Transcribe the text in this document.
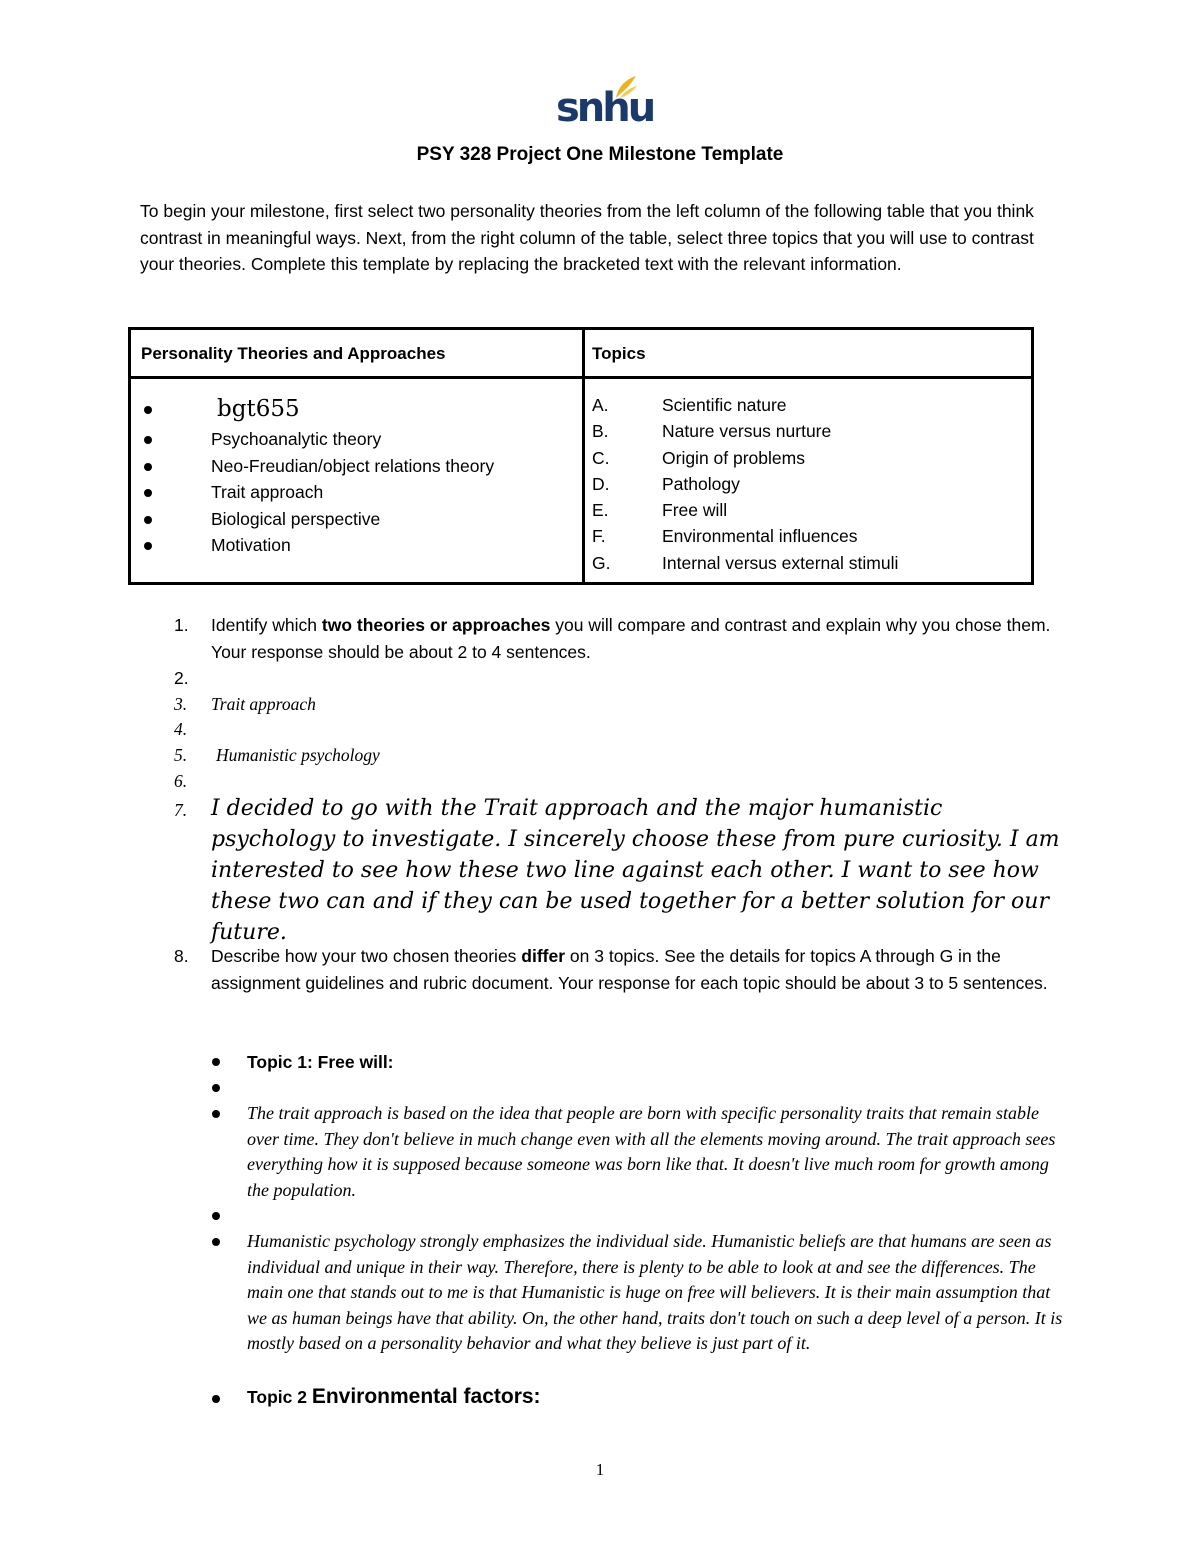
snhu
PSY 328 Project One Milestone Template
To begin your milestone, first select two personality theories from the left column of the following table that you think contrast in meaningful ways. Next, from the right column of the table, select three topics that you will use to contrast your theories. Complete this template by replacing the bracketed text with the relevant information.
Personality Theories and Approaches	Topics
bgt655
Psychoanalytic theory
Neo-Freudian/object relations theory
Trait approach
Biological perspective
Motivation
A.	Scientific nature
B.	Nature versus nurture
C.	Origin of problems
D.	Pathology
E.	Free will
F.	Environmental influences
G.	Internal versus external stimuli
1. Identify which two theories or approaches you will compare and contrast and explain why you chose them. Your response should be about 2 to 4 sentences.
2.
3. Trait approach
4.
5. Humanistic psychology
6.
7. I decided to go with the Trait approach and the major humanistic psychology to investigate. I sincerely choose these from pure curiosity. I am interested to see how these two line against each other. I want to see how these two can and if they can be used together for a better solution for our future.
8. Describe how your two chosen theories differ on 3 topics. See the details for topics A through G in the assignment guidelines and rubric document. Your response for each topic should be about 3 to 5 sentences.
Topic 1: Free will:
The trait approach is based on the idea that people are born with specific personality traits that remain stable over time. They don't believe in much change even with all the elements moving around. The trait approach sees everything how it is supposed because someone was born like that. It doesn't live much room for growth among the population.
Humanistic psychology strongly emphasizes the individual side. Humanistic beliefs are that humans are seen as individual and unique in their way. Therefore, there is plenty to be able to look at and see the differences. The main one that stands out to me is that Humanistic is huge on free will believers. It is their main assumption that we as human beings have that ability. On, the other hand, traits don't touch on such a deep level of a person. It is mostly based on a personality behavior and what they believe is just part of it.
Topic 2 Environmental factors:
1
